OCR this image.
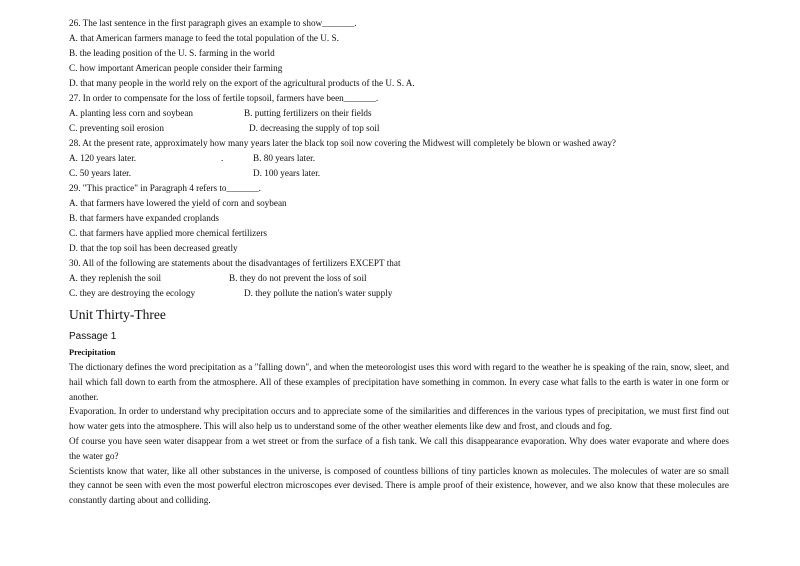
26. The last sentence in the first paragraph gives an example to show_______.
A. that American farmers manage to feed the total population of the U. S.
B. the leading position of the U. S. farming in the world
C. how important American people consider their farming
D. that many people in the world rely on the export of the agricultural products of the U. S. A.
27. In order to compensate for the loss of fertile topsoil, farmers have been_______.
A. planting less corn and soybean	B. putting fertilizers on their fields
C. preventing soil erosion	D. decreasing the supply of top soil
28. At the present rate, approximately how many years later the black top soil now covering the Midwest will completely be blown or washed away?
A. 120 years later.	.	B. 80 years later.
C. 50 years later.	D. 100 years later.
29. "This practice" in Paragraph 4 refers to_______.
A. that farmers have lowered the yield of corn and soybean
B. that farmers have expanded croplands
C. that farmers have applied more chemical fertilizers
D. that the top soil has been decreased greatly
30. All of the following are statements about the disadvantages of fertilizers EXCEPT that
A. they replenish the soil	B. they do not prevent the loss of soil
C. they are destroying the ecology	D. they pollute the nation's water supply
Unit Thirty-Three
Passage 1
Precipitation

The dictionary defines the word precipitation as a "falling down", and when the meteorologist uses this word with regard to the weather he is speaking of the rain, snow, sleet, and hail which fall down to earth from the atmosphere. All of these examples of precipitation have something in common. In every case what falls to the earth is water in one form or another.

Evaporation. In order to understand why precipitation occurs and to appreciate some of the similarities and differences in the various types of precipitation, we must first find out how water gets into the atmosphere. This will also help us to understand some of the other weather elements like dew and frost, and clouds and fog.

Of course you have seen water disappear from a wet street or from the surface of a fish tank. We call this disappearance evaporation. Why does water evaporate and where does the water go?

Scientists know that water, like all other substances in the universe, is composed of countless billions of tiny particles known as molecules. The molecules of water are so small they cannot be seen with even the most powerful electron microscopes ever devised. There is ample proof of their existence, however, and we also know that these molecules are constantly darting about and colliding.
